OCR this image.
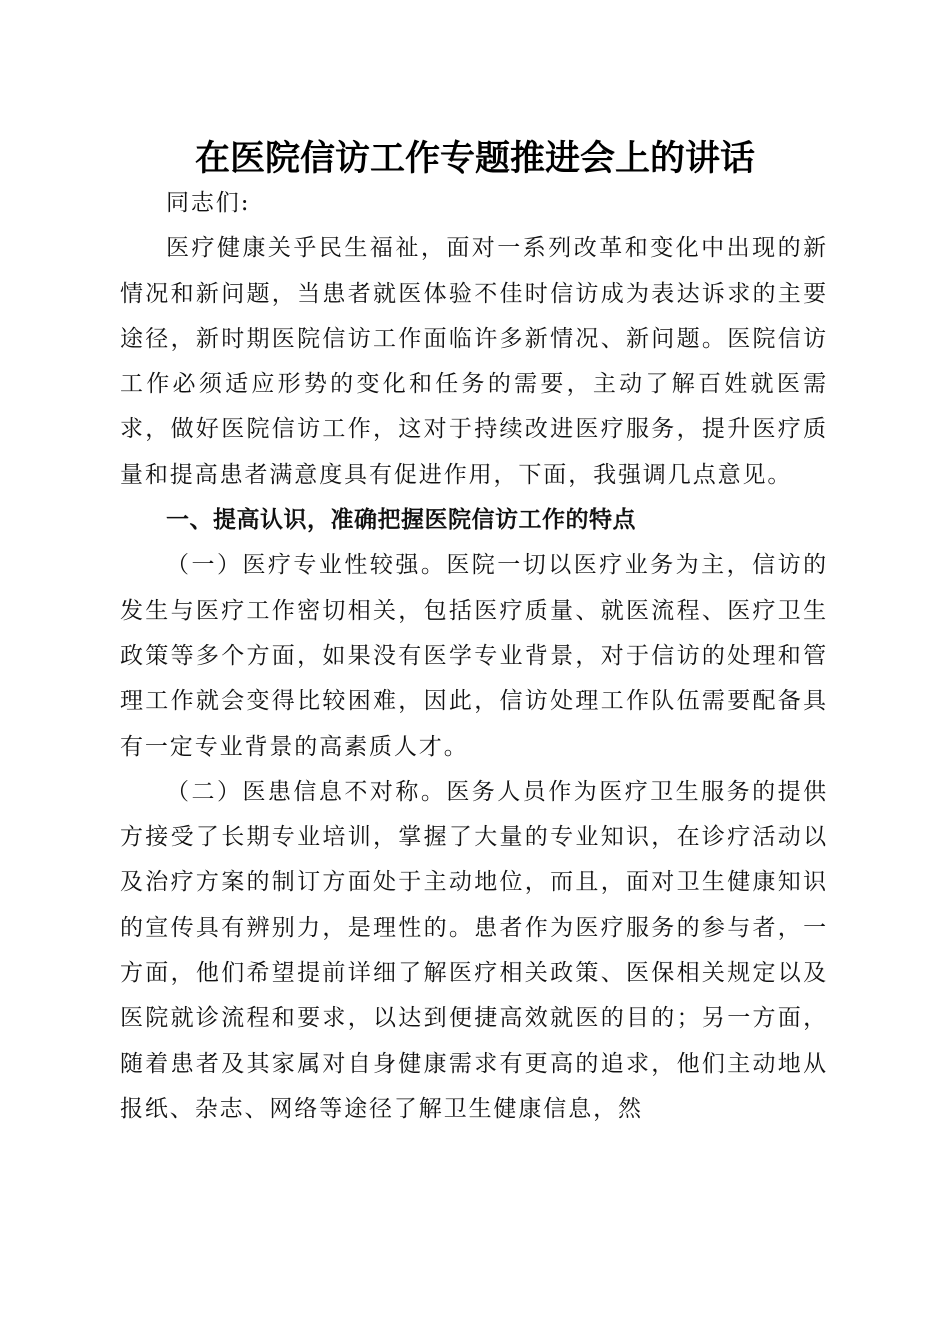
在医院信访工作专题推进会上的讲话

同志们:

医疗健康关乎民生福祉，面对一系列改革和变化中出现的新情况和新问题，当患者就医体验不佳时信访成为表达诉求的主要途径，新时期医院信访工作面临许多新情况、新问题。医院信访工作必须适应形势的变化和任务的需要，主动了解百姓就医需求，做好医院信访工作，这对于持续改进医疗服务，提升医疗质量和提高患者满意度具有促进作用，下面，我强调几点意见。

一、提高认识，准确把握医院信访工作的特点

（一）医疗专业性较强。医院一切以医疗业务为主，信访的发生与医疗工作密切相关，包括医疗质量、就医流程、医疗卫生政策等多个方面，如果没有医学专业背景，对于信访的处理和管理工作就会变得比较困难，因此，信访处理工作队伍需要配备具有一定专业背景的高素质人才。

（二）医患信息不对称。医务人员作为医疗卫生服务的提供方接受了长期专业培训，掌握了大量的专业知识，在诊疗活动以及治疗方案的制订方面处于主动地位，而且，面对卫生健康知识的宣传具有辨别力，是理性的。患者作为医疗服务的参与者，一方面，他们希望提前详细了解医疗相关政策、医保相关规定以及医院就诊流程和要求，以达到便捷高效就医的目的；另一方面，随着患者及其家属对自身健康需求有更高的追求，他们主动地从报纸、杂志、网络等途径了解卫生健康信息，然
